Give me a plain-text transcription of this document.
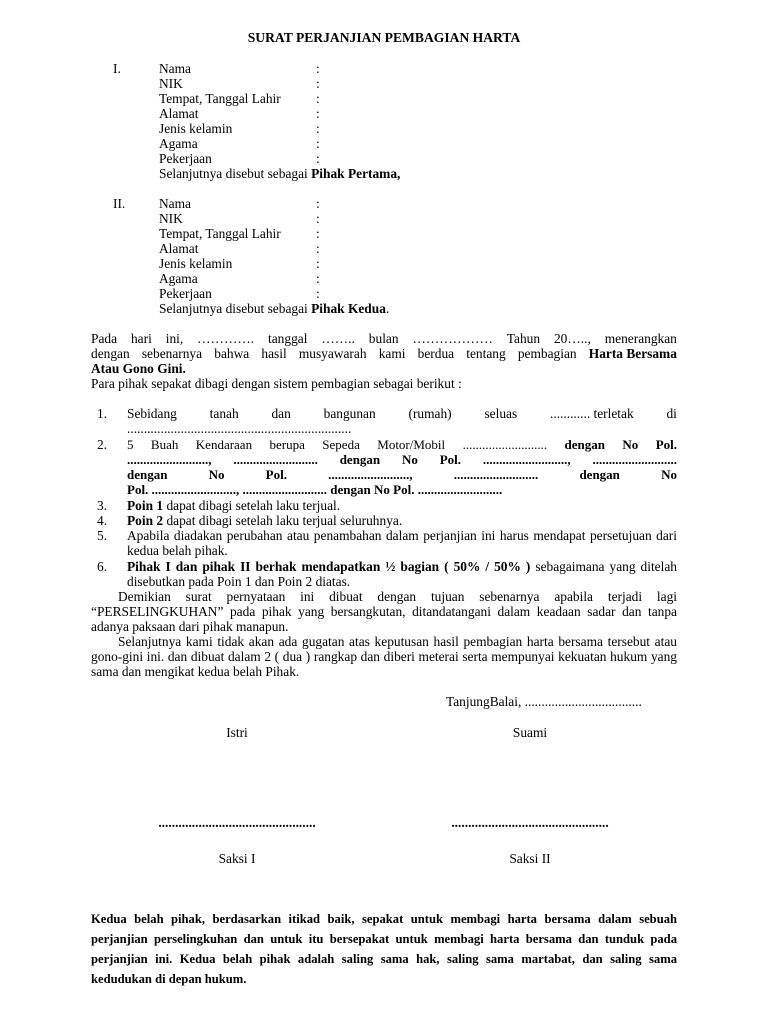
SURAT PERJANJIAN PEMBAGIAN HARTA
I.	Nama	:
NIK	:
Tempat, Tanggal Lahir	:
Alamat	:
Jenis kelamin	:
Agama	:
Pekerjaan	:
Selanjutnya disebut sebagai Pihak Pertama,
II.	Nama	:
NIK	:
Tempat, Tanggal Lahir	:
Alamat	:
Jenis kelamin	:
Agama	:
Pekerjaan	:
Selanjutnya disebut sebagai Pihak Kedua.
Pada hari ini, …………. tanggal …….. bulan ……………… Tahun 20….., menerangkan
dengan sebenarnya bahwa hasil musyawarah kami berdua tentang pembagian Harta Bersama
Atau Gono Gini.
Para pihak sepakat dibagi dengan sistem pembagian sebagai berikut :
1. Sebidang tanah dan bangunan (rumah) seluas ............ terletak di
...................................................................
2. 5 Buah Kendaraan berupa Sepeda Motor/Mobil .......................... dengan No Pol.
........................., .......................... dengan No Pol. .........................., ..........................
dengan	No	Pol.	.........................,	..........................	dengan	No
Pol. .........................., .......................... dengan No Pol. ..........................
3. Poin 1 dapat dibagi setelah laku terjual.
4. Poin 2 dapat dibagi setelah laku terjual seluruhnya.
5. Apabila diadakan perubahan atau penambahan dalam perjanjian ini harus mendapat persetujuan dari kedua belah pihak.
6. Pihak I dan pihak II berhak mendapatkan ½ bagian ( 50% / 50% ) sebagaimana yang ditelah disebutkan pada Poin 1 dan Poin 2 diatas.
Demikian surat pernyataan ini dibuat dengan tujuan sebenarnya apabila terjadi lagi “PERSELINGKUHAN” pada pihak yang bersangkutan, ditandatangani dalam keadaan sadar dan tanpa adanya paksaan dari pihak manapun.
Selanjutnya kami tidak akan ada gugatan atas keputusan hasil pembagian harta bersama tersebut atau gono-gini ini. dan dibuat dalam 2 ( dua ) rangkap dan diberi meterai serta mempunyai kekuatan hukum yang sama dan mengikat kedua belah Pihak.
TanjungBalai, ...................................
Istri	Suami
...............................................	...............................................
Saksi I	Saksi II
Kedua belah pihak, berdasarkan itikad baik, sepakat untuk membagi harta bersama dalam sebuah perjanjian perselingkuhan dan untuk itu bersepakat untuk membagi harta bersama dan tunduk pada perjanjian ini. Kedua belah pihak adalah saling sama hak, saling sama martabat, dan saling sama kedudukan di depan hukum.
